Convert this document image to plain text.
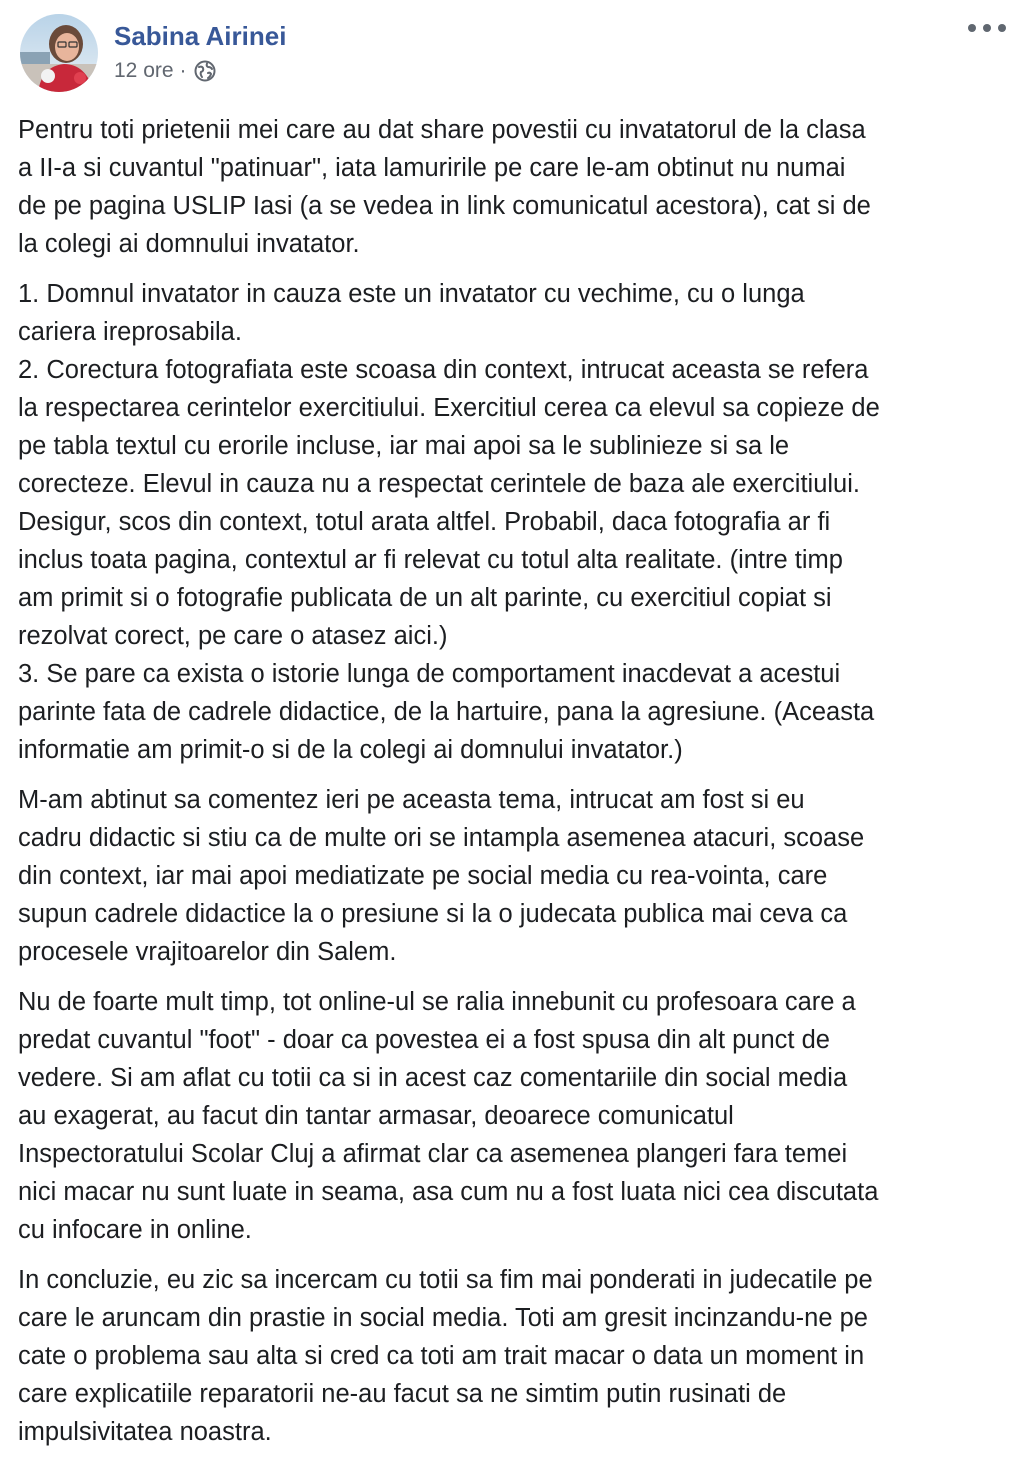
Sabina Airinei
12 ore ·

Pentru toti prietenii mei care au dat share povestii cu invatatorul de la clasa
a II-a si cuvantul "patinuar", iata lamuririle pe care le-am obtinut nu numai
de pe pagina USLIP Iasi (a se vedea in link comunicatul acestora), cat si de
la colegi ai domnului invatator.

1. Domnul invatator in cauza este un invatator cu vechime, cu o lunga
cariera ireprosabila.
2. Corectura fotografiata este scoasa din context, intrucat aceasta se refera
la respectarea cerintelor exercitiului. Exercitiul cerea ca elevul sa copieze de
pe tabla textul cu erorile incluse, iar mai apoi sa le sublinieze si sa le
corecteze. Elevul in cauza nu a respectat cerintele de baza ale exercitiului.
Desigur, scos din context, totul arata altfel. Probabil, daca fotografia ar fi
inclus toata pagina, contextul ar fi relevat cu totul alta realitate. (intre timp
am primit si o fotografie publicata de un alt parinte, cu exercitiul copiat si
rezolvat corect, pe care o atasez aici.)
3. Se pare ca exista o istorie lunga de comportament inacdevat a acestui
parinte fata de cadrele didactice, de la hartuire, pana la agresiune. (Aceasta
informatie am primit-o si de la colegi ai domnului invatator.)

M-am abtinut sa comentez ieri pe aceasta tema, intrucat am fost si eu
cadru didactic si stiu ca de multe ori se intampla asemenea atacuri, scoase
din context, iar mai apoi mediatizate pe social media cu rea-vointa, care
supun cadrele didactice la o presiune si la o judecata publica mai ceva ca
procesele vrajitoarelor din Salem.

Nu de foarte mult timp, tot online-ul se ralia innebunit cu profesoara care a
predat cuvantul "foot" - doar ca povestea ei a fost spusa din alt punct de
vedere. Si am aflat cu totii ca si in acest caz comentariile din social media
au exagerat, au facut din tantar armasar, deoarece comunicatul
Inspectoratului Scolar Cluj a afirmat clar ca asemenea plangeri fara temei
nici macar nu sunt luate in seama, asa cum nu a fost luata nici cea discutata
cu infocare in online.

In concluzie, eu zic sa incercam cu totii sa fim mai ponderati in judecatile pe
care le aruncam din prastie in social media. Toti am gresit incinzandu-ne pe
cate o problema sau alta si cred ca toti am trait macar o data un moment in
care explicatiile reparatorii ne-au facut sa ne simtim putin rusinati de
impulsivitatea noastra.
